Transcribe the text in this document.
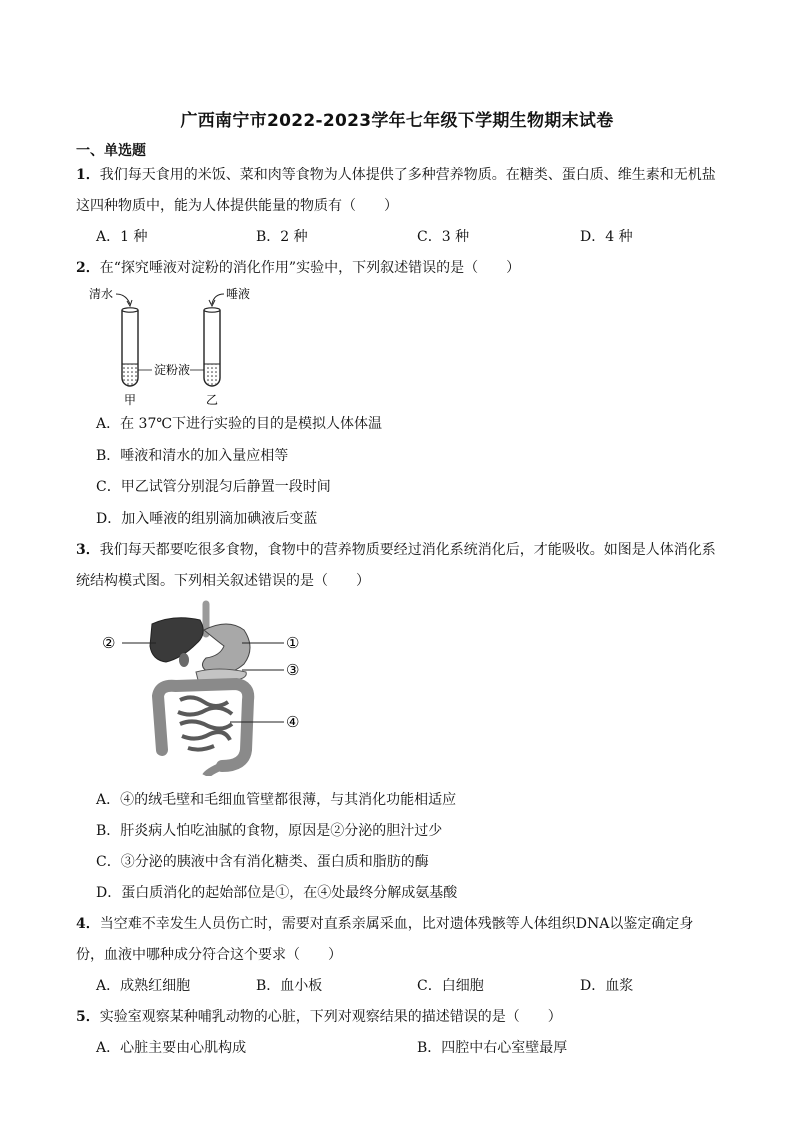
广西南宁市2022-2023学年七年级下学期生物期末试卷
一、单选题
1．我们每天食用的米饭、菜和肉等食物为人体提供了多种营养物质。在糖类、蛋白质、维生素和无机盐
这四种物质中，能为人体提供能量的物质有（　　）
A．1 种	B．2 种	C．3 种	D．4 种
2．在“探究唾液对淀粉的消化作用”实验中，下列叙述错误的是（　　）
清水	唾液
淀粉液
甲	乙
A．在 37℃下进行实验的目的是模拟人体体温
B．唾液和清水的加入量应相等
C．甲乙试管分别混匀后静置一段时间
D．加入唾液的组别滴加碘液后变蓝
3．我们每天都要吃很多食物，食物中的营养物质要经过消化系统消化后，才能吸收。如图是人体消化系
统结构模式图。下列相关叙述错误的是（　　）
②	①
③
④
A．④的绒毛壁和毛细血管壁都很薄，与其消化功能相适应
B．肝炎病人怕吃油腻的食物，原因是②分泌的胆汁过少
C．③分泌的胰液中含有消化糖类、蛋白质和脂肪的酶
D．蛋白质消化的起始部位是①，在④处最终分解成氨基酸
4．当空难不幸发生人员伤亡时，需要对直系亲属采血，比对遗体残骸等人体组织DNA以鉴定确定身
份，血液中哪种成分符合这个要求（　　）
A．成熟红细胞	B．血小板	C．白细胞	D．血浆
5．实验室观察某种哺乳动物的心脏，下列对观察结果的描述错误的是（　　）
A．心脏主要由心肌构成	B．四腔中右心室壁最厚
